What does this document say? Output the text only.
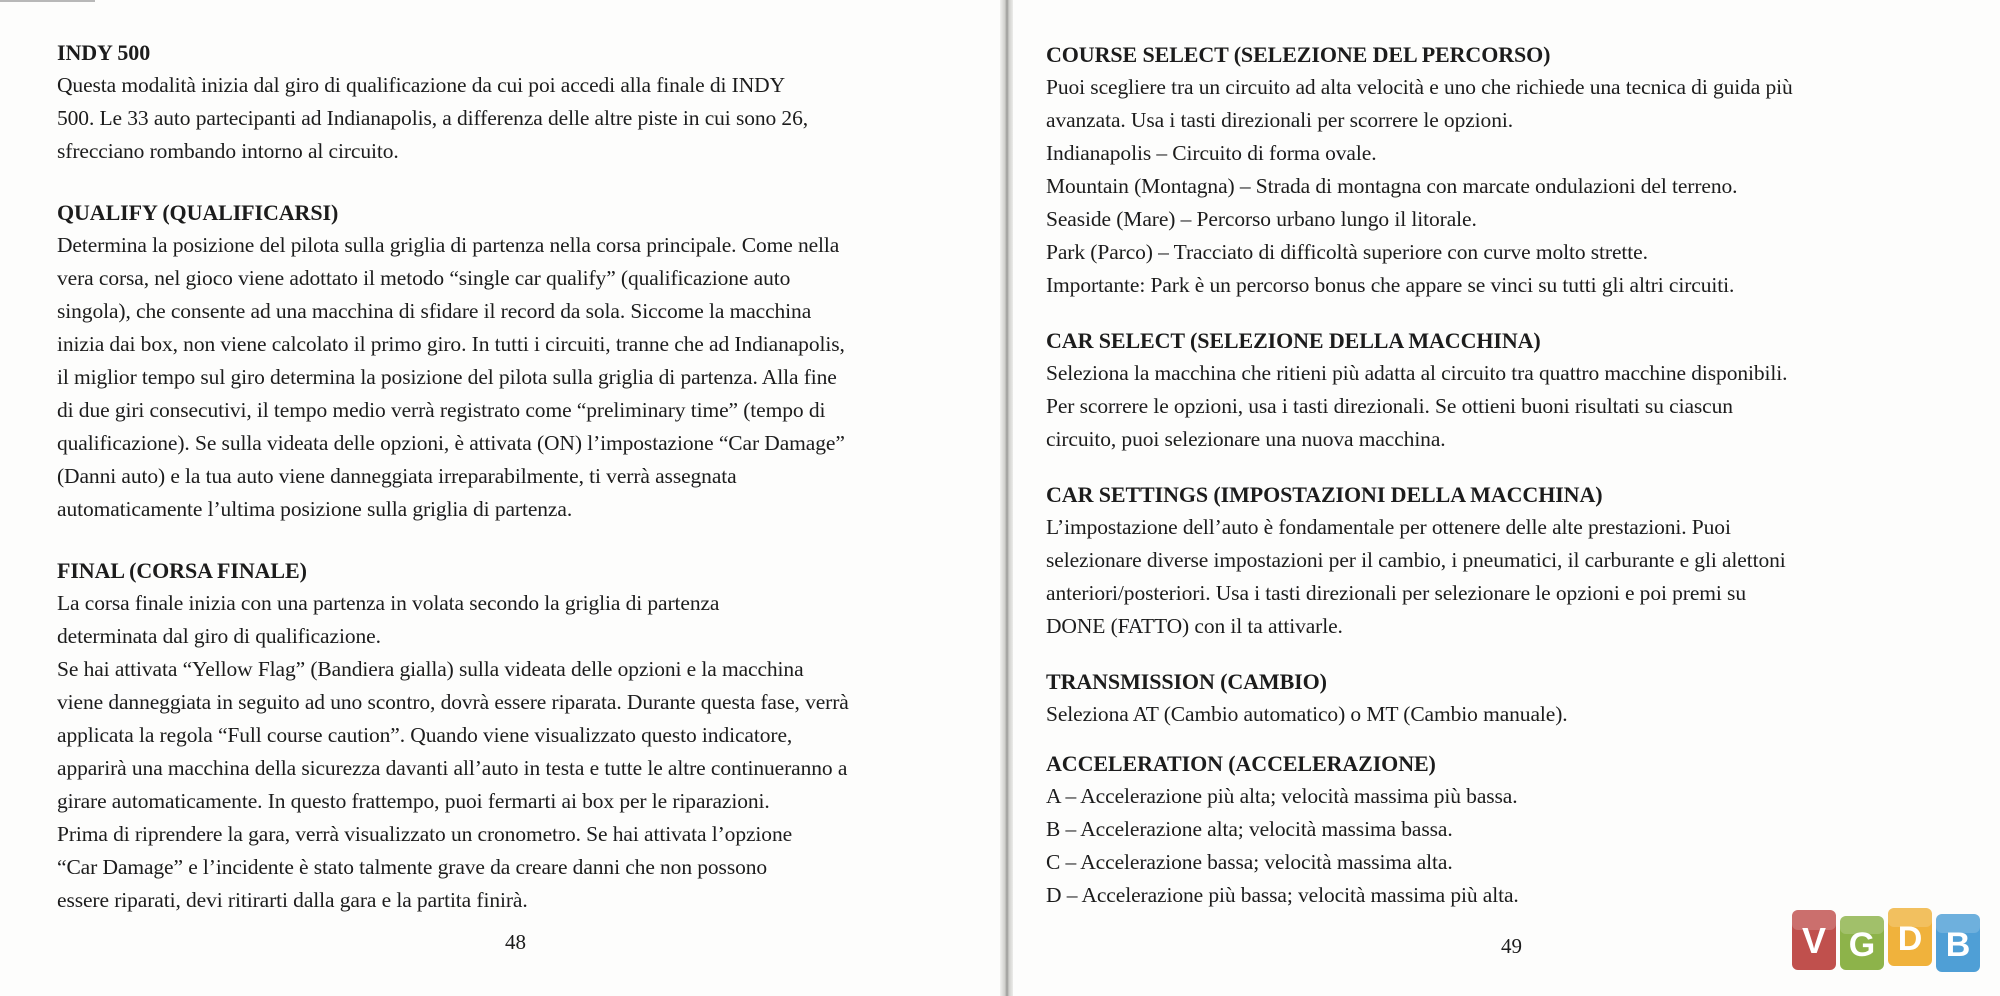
INDY 500
Questa modalità inizia dal giro di qualificazione da cui poi accedi alla finale di INDY
500. Le 33 auto partecipanti ad Indianapolis, a differenza delle altre piste in cui sono 26,
sfrecciano rombando intorno al circuito.
QUALIFY (QUALIFICARSI)
Determina la posizione del pilota sulla griglia di partenza nella corsa principale. Come nella
vera corsa, nel gioco viene adottato il metodo “single car qualify” (qualificazione auto
singola), che consente ad una macchina di sfidare il record da sola. Siccome la macchina
inizia dai box, non viene calcolato il primo giro. In tutti i circuiti, tranne che ad Indianapolis,
il miglior tempo sul giro determina la posizione del pilota sulla griglia di partenza. Alla fine
di due giri consecutivi, il tempo medio verrà registrato come “preliminary time” (tempo di
qualificazione). Se sulla videata delle opzioni, è attivata (ON) l’impostazione “Car Damage”
(Danni auto) e la tua auto viene danneggiata irreparabilmente, ti verrà assegnata
automaticamente l’ultima posizione sulla griglia di partenza.
FINAL (CORSA FINALE)
La corsa finale inizia con una partenza in volata secondo la griglia di partenza
determinata dal giro di qualificazione.
Se hai attivata “Yellow Flag” (Bandiera gialla) sulla videata delle opzioni e la macchina
viene danneggiata in seguito ad uno scontro, dovrà essere riparata. Durante questa fase, verrà
applicata la regola “Full course caution”. Quando viene visualizzato questo indicatore,
apparirà una macchina della sicurezza davanti all’auto in testa e tutte le altre continueranno a
girare automaticamente. In questo frattempo, puoi fermarti ai box per le riparazioni.
Prima di riprendere la gara, verrà visualizzato un cronometro. Se hai attivata l’opzione
“Car Damage” e l’incidente è stato talmente grave da creare danni che non possono
essere riparati, devi ritirarti dalla gara e la partita finirà.
48
COURSE SELECT (SELEZIONE DEL PERCORSO)
Puoi scegliere tra un circuito ad alta velocità e uno che richiede una tecnica di guida più
avanzata. Usa i tasti direzionali per scorrere le opzioni.
Indianapolis – Circuito di forma ovale.
Mountain (Montagna) – Strada di montagna con marcate ondulazioni del terreno.
Seaside (Mare) – Percorso urbano lungo il litorale.
Park (Parco) – Tracciato di difficoltà superiore con curve molto strette.
Importante: Park è un percorso bonus che appare se vinci su tutti gli altri circuiti.
CAR SELECT (SELEZIONE DELLA MACCHINA)
Seleziona la macchina che ritieni più adatta al circuito tra quattro macchine disponibili.
Per scorrere le opzioni, usa i tasti direzionali. Se ottieni buoni risultati su ciascun
circuito, puoi selezionare una nuova macchina.
CAR SETTINGS (IMPOSTAZIONI DELLA MACCHINA)
L’impostazione dell’auto è fondamentale per ottenere delle alte prestazioni. Puoi
selezionare diverse impostazioni per il cambio, i pneumatici, il carburante e gli alettoni
anteriori/posteriori. Usa i tasti direzionali per selezionare le opzioni e poi premi su
DONE (FATTO) con il ta attivarle.
TRANSMISSION (CAMBIO)
Seleziona AT (Cambio automatico) o MT (Cambio manuale).
ACCELERATION (ACCELERAZIONE)
A – Accelerazione più alta; velocità massima più bassa.
B – Accelerazione alta; velocità massima bassa.
C – Accelerazione bassa; velocità massima alta.
D – Accelerazione più bassa; velocità massima più alta.
49	V G D B
